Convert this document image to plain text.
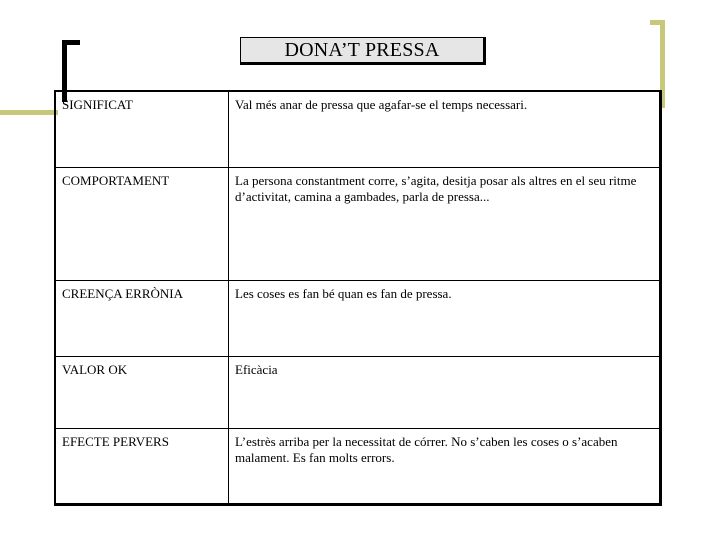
DONA’T PRESSA
SIGNIFICAT	Val més anar de pressa que agafar-se el temps necessari.
COMPORTAMENT	La persona constantment corre, s’agita, desitja posar als altres en el seu ritme d’activitat, camina a gambades, parla de pressa...
CREENÇA ERRÒNIA	Les coses es fan bé quan es fan de pressa.
VALOR OK	Eficàcia
EFECTE PERVERS	L’estrès arriba per la necessitat de córrer. No s’caben les coses o s’acaben malament. Es fan molts errors.
